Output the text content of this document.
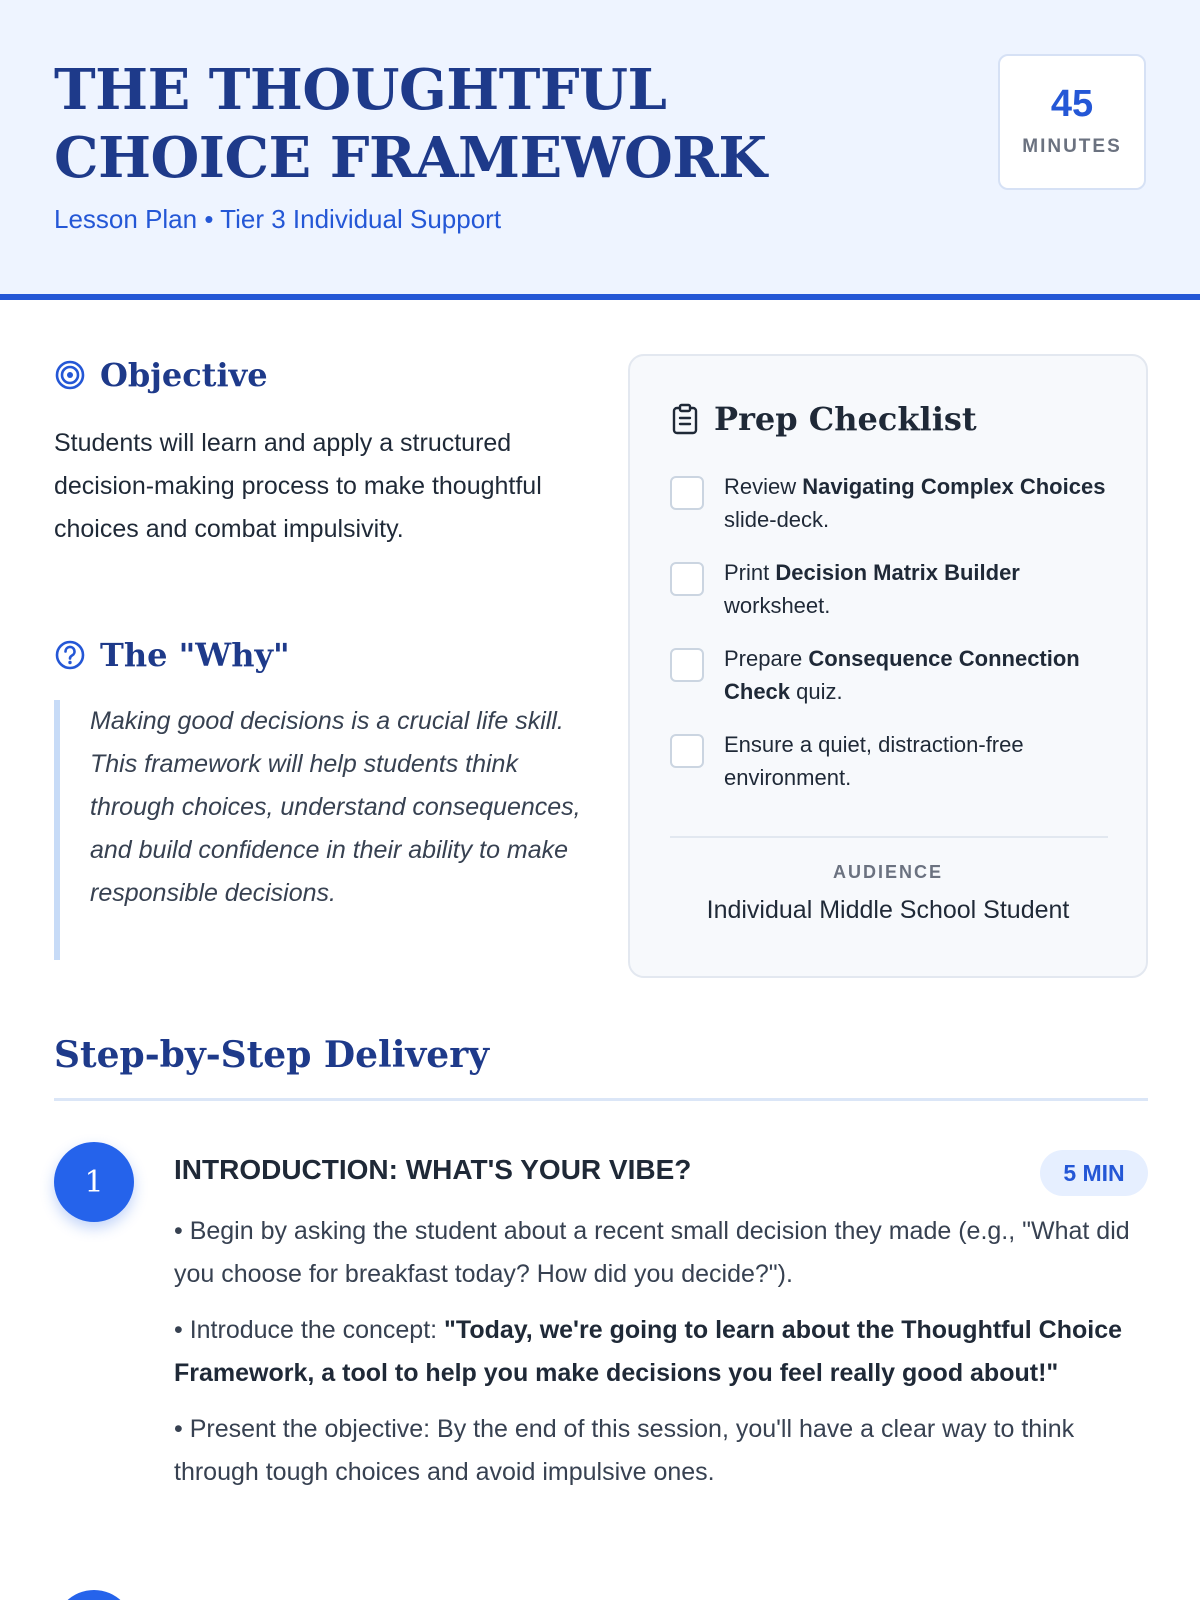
THE THOUGHTFUL CHOICE FRAMEWORK
Lesson Plan • Tier 3 Individual Support
45
MINUTES
Objective

Students will learn and apply a structured decision-making process to make thoughtful choices and combat impulsivity.

The "Why"
Making good decisions is a crucial life skill. This framework will help students think through choices, understand consequences, and build confidence in their ability to make responsible decisions.
Prep Checklist
Review Navigating Complex Choices slide-deck.
Print Decision Matrix Builder worksheet.
Prepare Consequence Connection Check quiz.
Ensure a quiet, distraction-free environment.
AUDIENCE
Individual Middle School Student
Step-by-Step Delivery
1	INTRODUCTION: WHAT'S YOUR VIBE?	5 MIN

• Begin by asking the student about a recent small decision they made (e.g., "What did you choose for breakfast today? How did you decide?").

• Introduce the concept: "Today, we're going to learn about the Thoughtful Choice Framework, a tool to help you make decisions you feel really good about!"

• Present the objective: By the end of this session, you'll have a clear way to think through tough choices and avoid impulsive ones.
